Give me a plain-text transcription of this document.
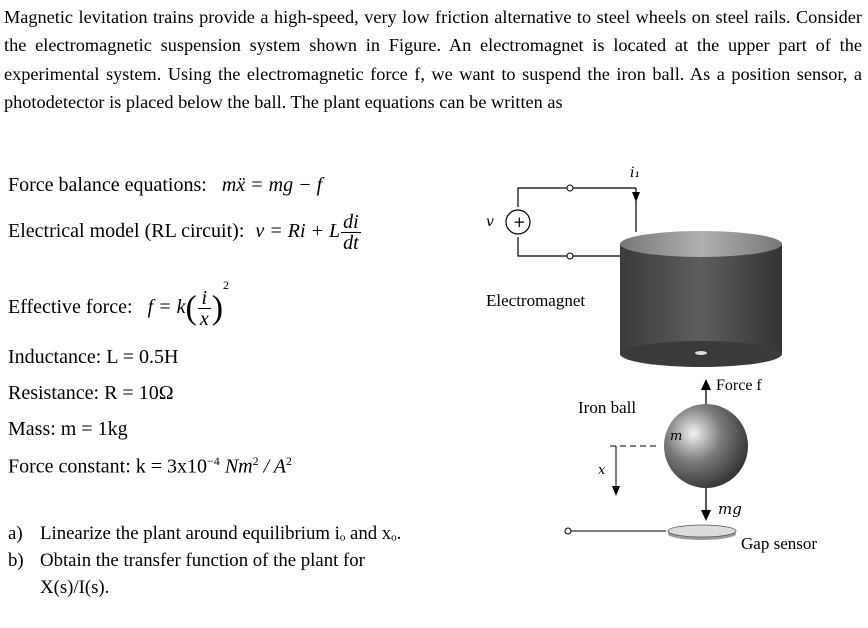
Magnetic levitation trains provide a high-speed, very low friction alternative to steel wheels on steel rails. Consider the electromagnetic suspension system shown in Figure. An electromagnet is located at the upper part of the experimental system. Using the electromagnetic force f, we want to suspend the iron ball. As a position sensor, a photodetector is placed below the ball. The plant equations can be written as

Force balance equations: mẍ = mg − f
Electrical model (RL circuit): v = Ri + L $\frac{di}{dt}$
Effective force: $f = k( \frac{i}{x} )^2$
Inductance: L = 0.5H
Resistance: R = 10Ω
Mass: m = 1kg
Force constant: $k = 3x10^{-4}$ $Nm^2 / A^2$
a) Linearize the plant around equilibrium iₒ and xₒ.
b) Obtain the transfer function of the plant for
X(s)/I(s).
i₁
+
v
Electromagnet
Force f
Iron ball
m
x
mg
Gap sensor
